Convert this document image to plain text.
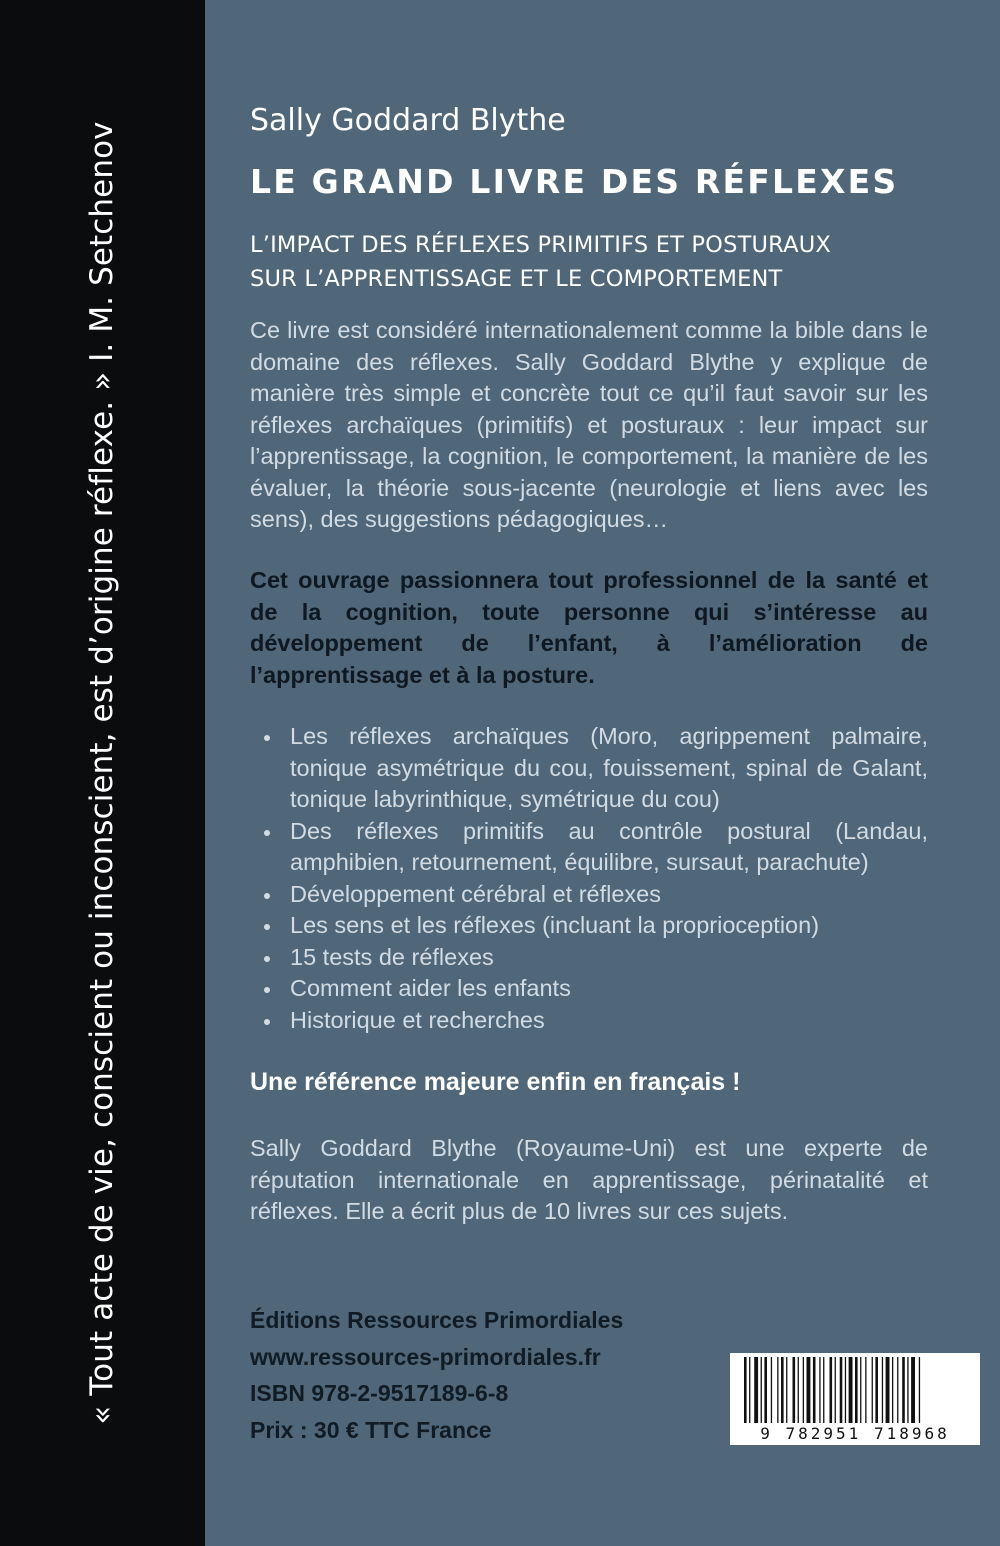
« Tout acte de vie, conscient ou inconscient, est d’origine réflexe. » I. M. Setchenov
Sally Goddard Blythe
LE GRAND LIVRE DES RÉFLEXES
L’IMPACT DES RÉFLEXES PRIMITIFS ET POSTURAUX
SUR L’APPRENTISSAGE ET LE COMPORTEMENT
Ce livre est considéré internationalement comme la bible dans le domaine des réflexes. Sally Goddard Blythe y explique de manière très simple et concrète tout ce qu’il faut savoir sur les réflexes archaïques (primitifs) et posturaux : leur impact sur l’apprentissage, la cognition, le comportement, la manière de les évaluer, la théorie sous-jacente (neurologie et liens avec les sens), des suggestions pédagogiques…
Cet ouvrage passionnera tout professionnel de la santé et de la cognition, toute personne qui s’intéresse au développement de l’enfant, à l’amélioration de l’apprentissage et à la posture.
Les réflexes archaïques (Moro, agrippement palmaire, tonique asymétrique du cou, fouissement, spinal de Galant, tonique labyrinthique, symétrique du cou)
Des réflexes primitifs au contrôle postural (Landau, amphibien, retournement, équilibre, sursaut, parachute)
Développement cérébral et réflexes
Les sens et les réflexes (incluant la proprioception)
15 tests de réflexes
Comment aider les enfants
Historique et recherches
Une référence majeure enfin en français !
Sally Goddard Blythe (Royaume-Uni) est une experte de réputation internationale en apprentissage, périnatalité et réflexes. Elle a écrit plus de 10 livres sur ces sujets.
Éditions Ressources Primordiales
www.ressources-primordiales.fr
ISBN 978-2-9517189-6-8
Prix : 30 € TTC France	9 782951 718968
